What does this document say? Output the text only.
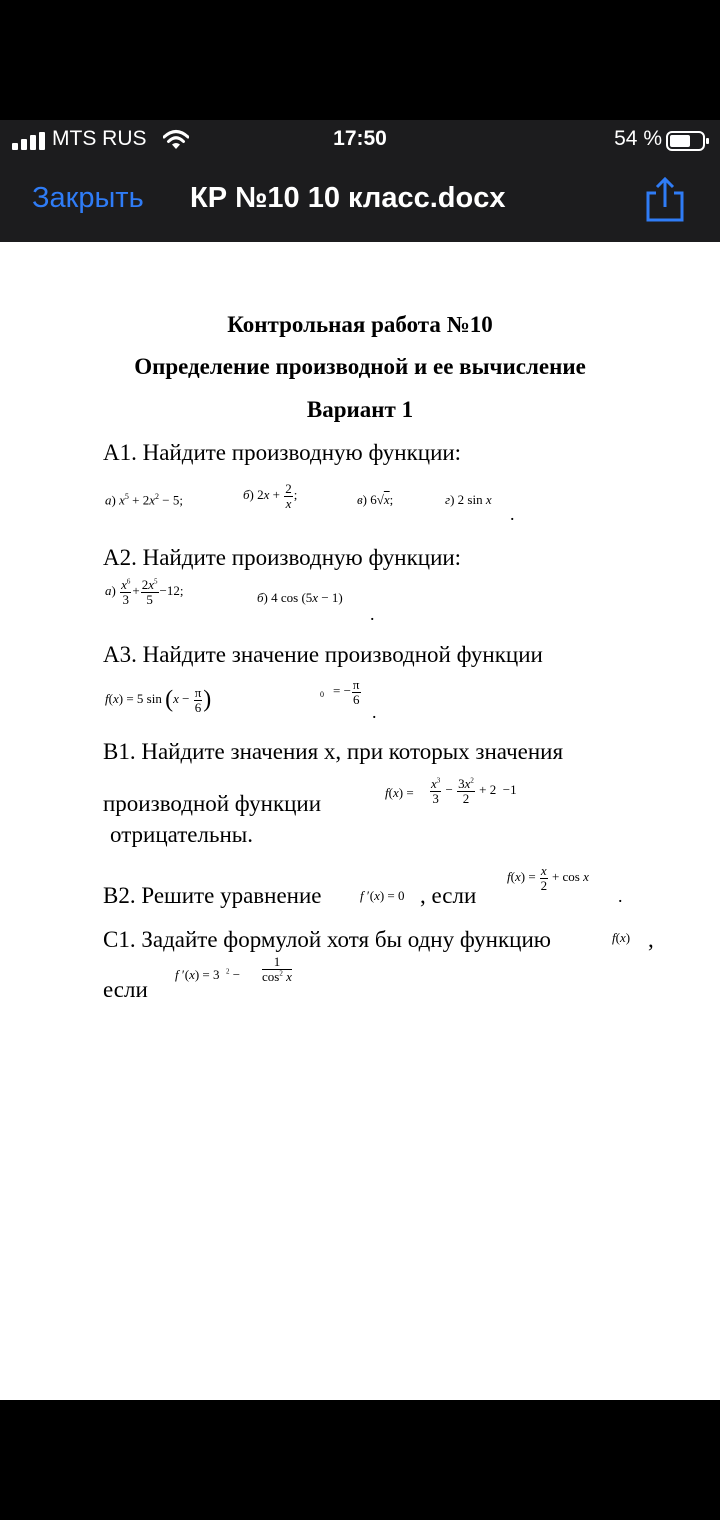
MTS RUS	17:50	54 %
Закрыть КР №10 10 класс.docx
Контрольная работа №10
Определение производной и ее вычисление
Вариант 1
А1. Найдите производную функции:
а) $x^5 + 2x^2 - 5$;	б) $2x + \frac{2}{x}$ ;	в) 6√x;	г) 2 sin x
.
А2. Найдите производную функции:
$а) \frac{x^6}{3} + \frac{2x^5}{5} -12$;	б) 4 cos (5x − 1)
.
А3. Найдите значение производной функции
f(x) = 5 $\sin (x - \frac{\pi}{6}$ )	0 = − $\frac{\pi}{6}$
.
В1. Найдите значения x, при которых значения
$f(x) = \frac{x^3}{3} - \frac{3x^2}{2} + 2 -1$
производной функции
отрицательны.
В2. Решите уравнение	f ′(x) = 0 , если
$f(x) = \frac{x}{2} + \cos x$
.
С1. Задайте формулой хотя бы одну функцию	f(x) ,
если
f ′(x) = 3  $^2 - \frac{1}{\cos^2 x}$
